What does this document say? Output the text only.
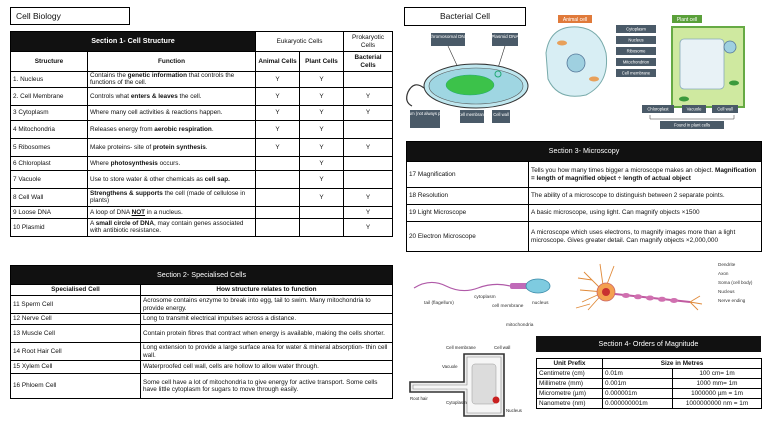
Cell Biology
Section 1- Cell Structure		Eukaryotic Cells		Prokaryotic Cells
Structure	Function	Animal Cells	Plant Cells	Bacterial Cells
1. Nucleus	Contains the genetic information that controls the functions of the cell.	Y	Y	
2. Cell Membrane	Controls what enters & leaves the cell.	Y	Y	Y
3 Cytoplasm	Where many cell activities & reactions happen.	Y	Y	Y
4 Mitochondria	Releases energy from aerobic respiration.	Y	Y	
5 Ribosomes	Make proteins- site of protein synthesis.	Y	Y	Y
6 Chloroplast	Where photosynthesis occurs.		Y	
7 Vacuole	Use to store water & other chemicals as cell sap.		Y	
8 Cell Wall	Strengthens & supports the cell (made of cellulose in plants)		Y	Y
9 Loose DNA	A loop of DNA NOT in a nucleus.			Y
10 Plasmid	A small circle of DNA, may contain genes associated with antibiotic resistance.			Y
Section 2- Specialised Cells	
Specialised Cell	How structure relates to function
11 Sperm Cell	Acrosome contains enzyme to break into egg, tail to swim. Many mitochondria to provide energy.
12 Nerve Cell	Long to transmit electrical impulses across a distance.
13 Muscle Cell	Contain protein fibres that contract when energy is available, making the cells shorter.
14 Root Hair Cell	Long extension to provide a large surface area for water & mineral absorption- thin cell wall.
15 Xylem Cell	Waterproofed cell wall, cells are hollow to allow water through.
16 Phloem Cell	Some cell have a lot of mitochondria to give energy for active transport. Some cells have little cytoplasm for sugars to move through easily.
Bacterial Cell
Chromosomal DNA	Plasmid DNA
Flagellum (not always present) Cell membrane Cell wall
Animal cell	Plant cell
Cytoplasm
Nucleus
Ribosome
Mitochondrion
Cell membrane
Chloroplast	Vacuole	Cell wall
Found in plant cells
Section 3- Microscopy	
17 Magnification	Tells you how many times bigger a microscope makes an object. Magnification = length of magnified object ÷ length of actual object
18 Resolution	The ability of a microscope to distinguish between 2 separate points.
19 Light Microscope	A basic microscope, using light. Can magnify objects ×1500
20 Electron Microscope	A microscope which uses electrons, to magnify images more than a light microscope. Gives greater detail. Can magnify objects ×2,000,000
tail (flagellum)
cytoplasm
cell membrane
nucleus
mitochondria
Dendrite
Axon
Soma (cell body)
Nucleus
Nerve ending
Section 4- Orders of Magnitude
Cell membrane	Cell wall
Vacuole
Root hair
Cytoplasm
Nucleus
Unit Prefix	Size in Metres	
Centimetre (cm)	0.01m	100 cm= 1m
Millimetre (mm)	0.001m	1000 mm= 1m
Micrometre (µm)	0.000001m	1000000 µm = 1m
Nanometre (nm)	0.000000001m	1000000000 nm = 1m
